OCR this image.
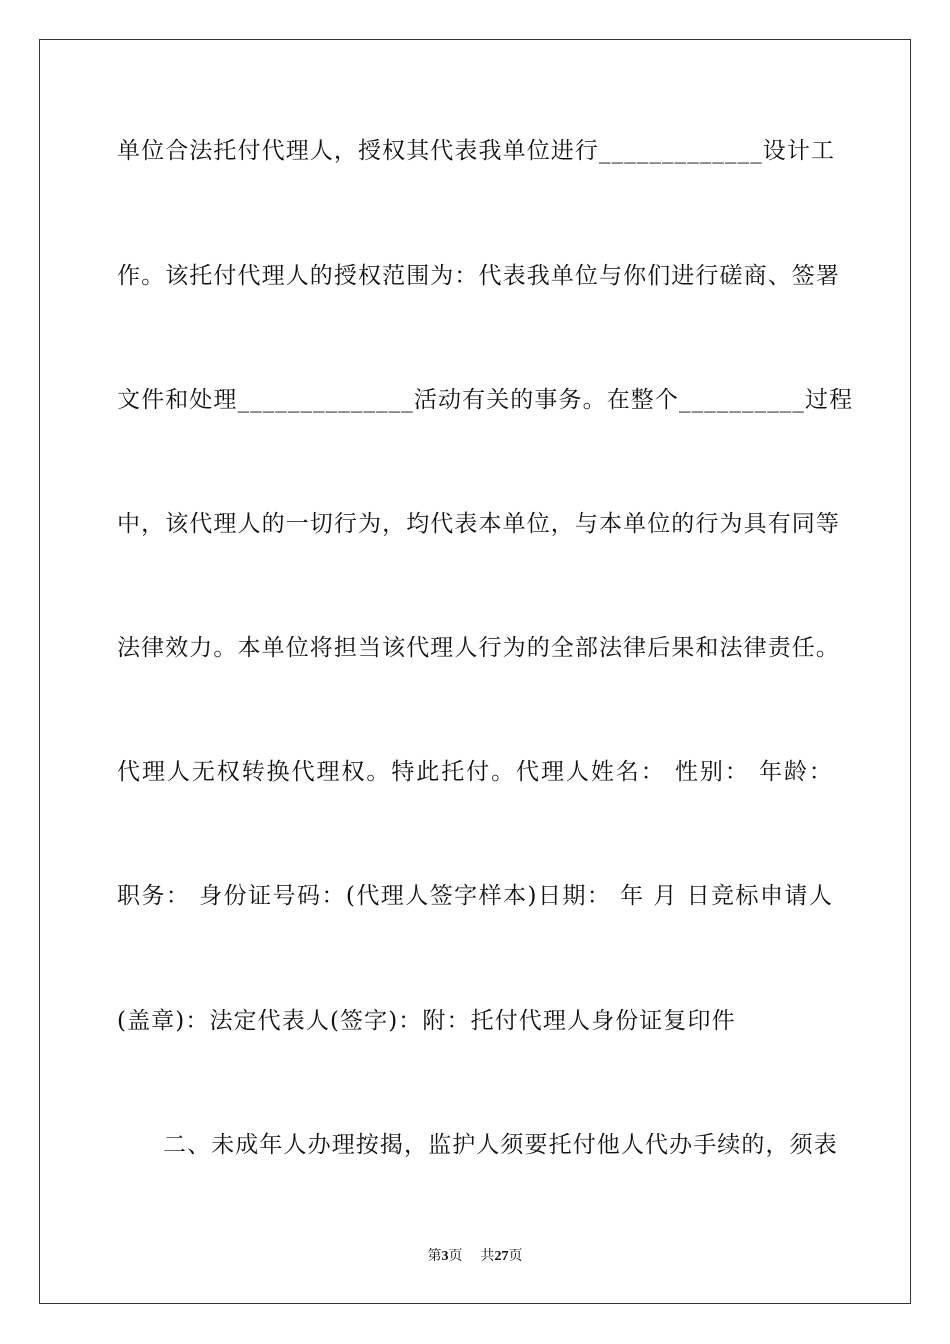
单位合法托付代理人，授权其代表我单位进行_____________设计工

作。该托付代理人的授权范围为：代表我单位与你们进行磋商、签署

文件和处理______________活动有关的事务。在整个__________过程

中，该代理人的一切行为，均代表本单位，与本单位的行为具有同等

法律效力。本单位将担当该代理人行为的全部法律后果和法律责任。

代理人无权转换代理权。特此托付。代理人姓名： 性别： 年龄：

职务： 身份证号码：(代理人签字样本)日期： 年 月 日竞标申请人

(盖章)：法定代表人(签字)：附：托付代理人身份证复印件

二、未成年人办理按揭，监护人须要托付他人代办手续的，须表

第3页 共27页
